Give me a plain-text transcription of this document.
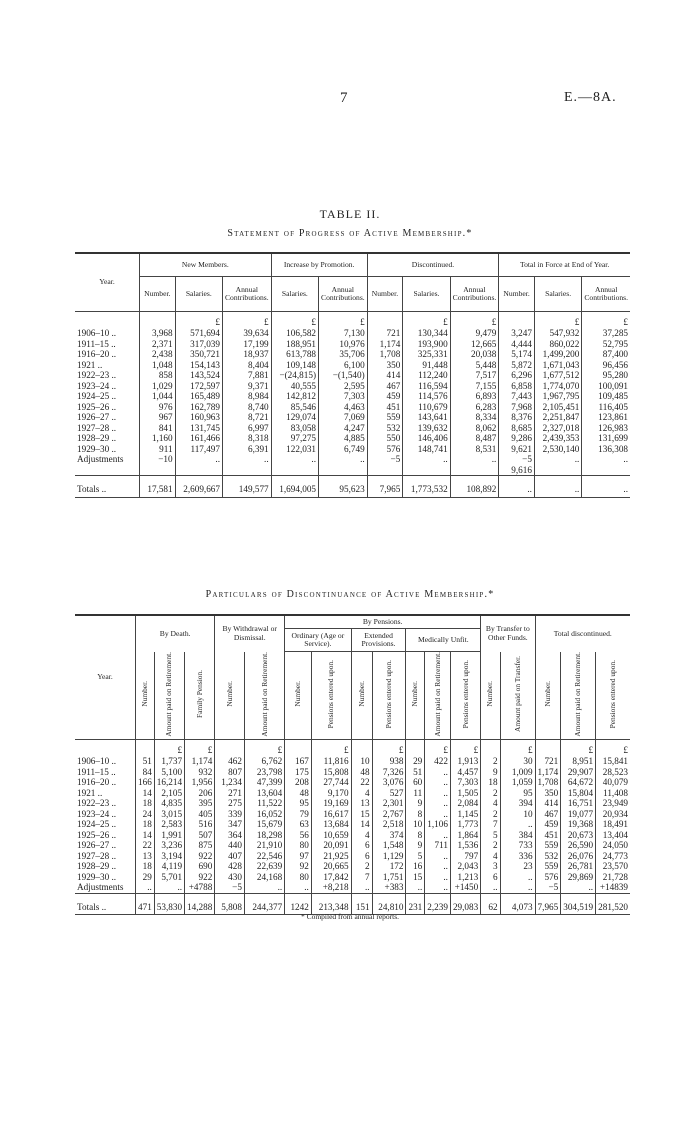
7	E.—8A.
TABLE II.
Statement of Progress of Active Membership.*
Year.	New Members.			Increase by Promotion.		Discontinued.			Total in Force at End of Year.		
	Number.	Salaries.	Annual Contributions.	Salaries.	Annual Contributions.	Number.	Salaries.	Annual Contributions.	Number.	Salaries.	Annual Contributions.
		£	£	£	£		£	£		£	£
1906–10 ..	3,968	571,694	39,634	106,582	7,130	721	130,344	9,479	3,247	547,932	37,285
1911–15 ..	2,371	317,039	17,199	188,951	10,976	1,174	193,900	12,665	4,444	860,022	52,795
1916–20 ..	2,438	350,721	18,937	613,788	35,706	1,708	325,331	20,038	5,174	1,499,200	87,400
1921 ..	1,048	154,143	8,404	109,148	6,100	350	91,448	5,448	5,872	1,671,043	96,456
1922–23 ..	858	143,524	7,881	−(24,815)	−(1,540)	414	112,240	7,517	6,296	1,677,512	95,280
1923–24 ..	1,029	172,597	9,371	40,555	2,595	467	116,594	7,155	6,858	1,774,070	100,091
1924–25 ..	1,044	165,489	8,984	142,812	7,303	459	114,576	6,893	7,443	1,967,795	109,485
1925–26 ..	976	162,789	8,740	85,546	4,463	451	110,679	6,283	7,968	2,105,451	116,405
1926–27 ..	967	160,963	8,721	129,074	7,069	559	143,641	8,334	8,376	2,251,847	123,861
1927–28 ..	841	131,745	6,997	83,058	4,247	532	139,632	8,062	8,685	2,327,018	126,983
1928–29 ..	1,160	161,466	8,318	97,275	4,885	550	146,406	8,487	9,286	2,439,353	131,699
1929–30 ..	911	117,497	6,391	122,031	6,749	576	148,741	8,531	9,621	2,530,140	136,308
Adjustments	−10	..	..	..	..	−5	..	..	−5	..	..
									9,616		
Totals ..	17,581	2,609,667	149,577	1,694,005	95,623	7,965	1,773,532	108,892	..	..	..
Particulars of Discontinuance of Active Membership.*
Year.	By Death.			By Withdrawal or Dismissal.		By Pensions.							By Transfer to Other Funds.		Total discontinued.		
						Ordinary (Age or Service).		Extended Provisions.		Medically Unfit.							
	Number.	Amount paid on Retirement.	Family Pension.	Number.	Amount paid on Retirement.	Number.	Pensions entered upon.	Number.	Pensions entered upon.	Number.	Amount paid on Retirement.	Pensions entered upon.	Number.	Amount paid on Transfer.	Number.	Amount paid on Retirement.	Pensions entered upon.
		£	£		£		£		£		£	£		£		£	£
1906–10 ..	51	1,737	1,174	462	6,762	167	11,816	10	938	29	422	1,913	2	30	721	8,951	15,841
1911–15 ..	84	5,100	932	807	23,798	175	15,808	48	7,326	51	..	4,457	9	1,009	1,174	29,907	28,523
1916–20 ..	166	16,214	1,956	1,234	47,399	208	27,744	22	3,076	60	..	7,303	18	1,059	1,708	64,672	40,079
1921 ..	14	2,105	206	271	13,604	48	9,170	4	527	11	..	1,505	2	95	350	15,804	11,408
1922–23 ..	18	4,835	395	275	11,522	95	19,169	13	2,301	9	..	2,084	4	394	414	16,751	23,949
1923–24 ..	24	3,015	405	339	16,052	79	16,617	15	2,767	8	..	1,145	2	10	467	19,077	20,934
1924–25 ..	18	2,583	516	347	15,679	63	13,684	14	2,518	10	1,106	1,773	7	..	459	19,368	18,491
1925–26 ..	14	1,991	507	364	18,298	56	10,659	4	374	8	..	1,864	5	384	451	20,673	13,404
1926–27 ..	22	3,236	875	440	21,910	80	20,091	6	1,548	9	711	1,536	2	733	559	26,590	24,050
1927–28 ..	13	3,194	922	407	22,546	97	21,925	6	1,129	5	..	797	4	336	532	26,076	24,773
1928–29 ..	18	4,119	690	428	22,639	92	20,665	2	172	16	..	2,043	3	23	559	26,781	23,570
1929–30 ..	29	5,701	922	430	24,168	80	17,842	7	1,751	15	..	1,213	6	..	576	29,869	21,728
Adjustments	..	..	+4788	−5	..	..	+8,218	..	+383	..	..	+1450	..	..	−5	..	+14839
Totals ..	471	53,830	14,288	5,808	244,377	1242	213,348	151	24,810	231	2,239	29,083	62	4,073	7,965	304,519	281,520
* Compiled from annual reports.
